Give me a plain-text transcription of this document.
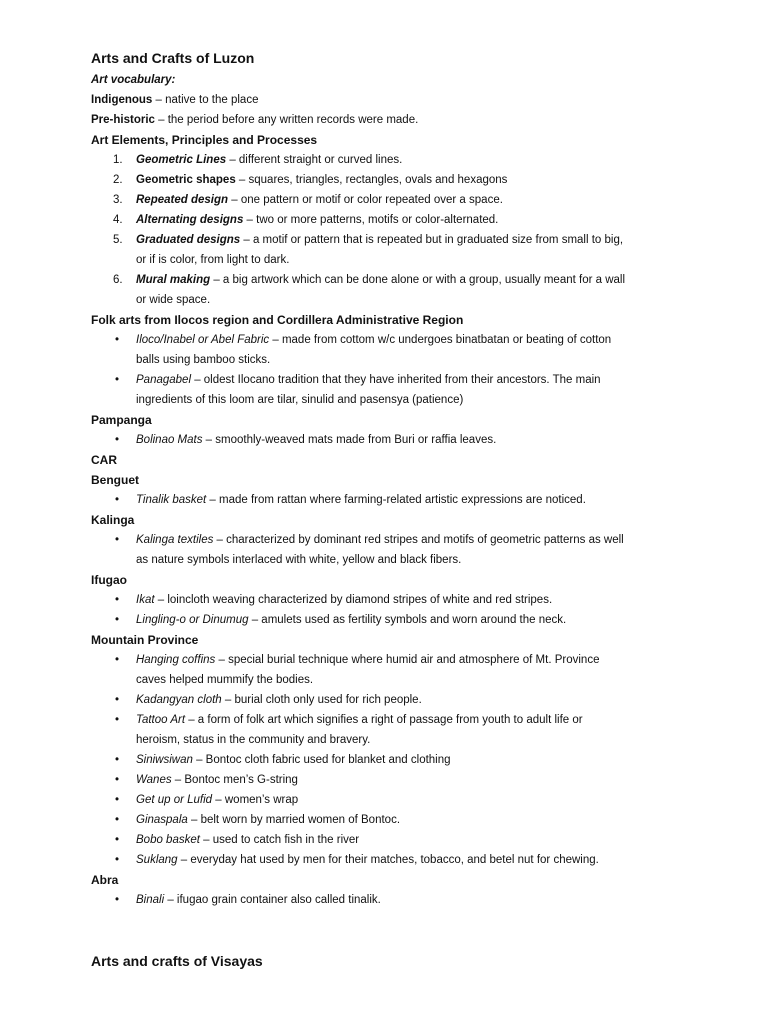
Arts and Crafts of Luzon
Art vocabulary:
Indigenous – native to the place
Pre-historic – the period before any written records were made.
Art Elements, Principles and Processes
1. Geometric Lines – different straight or curved lines.
2. Geometric shapes – squares, triangles, rectangles, ovals and hexagons
3. Repeated design – one pattern or motif or color repeated over a space.
4. Alternating designs – two or more patterns, motifs or color-alternated.
5. Graduated designs – a motif or pattern that is repeated but in graduated size from small to big,
or if is color, from light to dark.
6. Mural making – a big artwork which can be done alone or with a group, usually meant for a wall
or wide space.
Folk arts from Ilocos region and Cordillera Administrative Region
• Iloco/Inabel or Abel Fabric – made from cottom w/c undergoes binatbatan or beating of cotton
balls using bamboo sticks.
• Panagabel – oldest Ilocano tradition that they have inherited from their ancestors. The main
ingredients of this loom are tilar, sinulid and pasensya (patience)
Pampanga
• Bolinao Mats – smoothly-weaved mats made from Buri or raffia leaves.
CAR
Benguet
• Tinalik basket – made from rattan where farming-related artistic expressions are noticed.
Kalinga
• Kalinga textiles – characterized by dominant red stripes and motifs of geometric patterns as well
as nature symbols interlaced with white, yellow and black fibers.
Ifugao
• Ikat – loincloth weaving characterized by diamond stripes of white and red stripes.
• Lingling-o or Dinumug – amulets used as fertility symbols and worn around the neck.
Mountain Province
• Hanging coffins – special burial technique where humid air and atmosphere of Mt. Province
caves helped mummify the bodies.
• Kadangyan cloth – burial cloth only used for rich people.
• Tattoo Art – a form of folk art which signifies a right of passage from youth to adult life or
heroism, status in the community and bravery.
• Siniwsiwan – Bontoc cloth fabric used for blanket and clothing
• Wanes – Bontoc men’s G-string
• Get up or Lufid – women’s wrap
• Ginaspala – belt worn by married women of Bontoc.
• Bobo basket – used to catch fish in the river
• Suklang – everyday hat used by men for their matches, tobacco, and betel nut for chewing.
Abra
• Binali – ifugao grain container also called tinalik.
Arts and crafts of Visayas
